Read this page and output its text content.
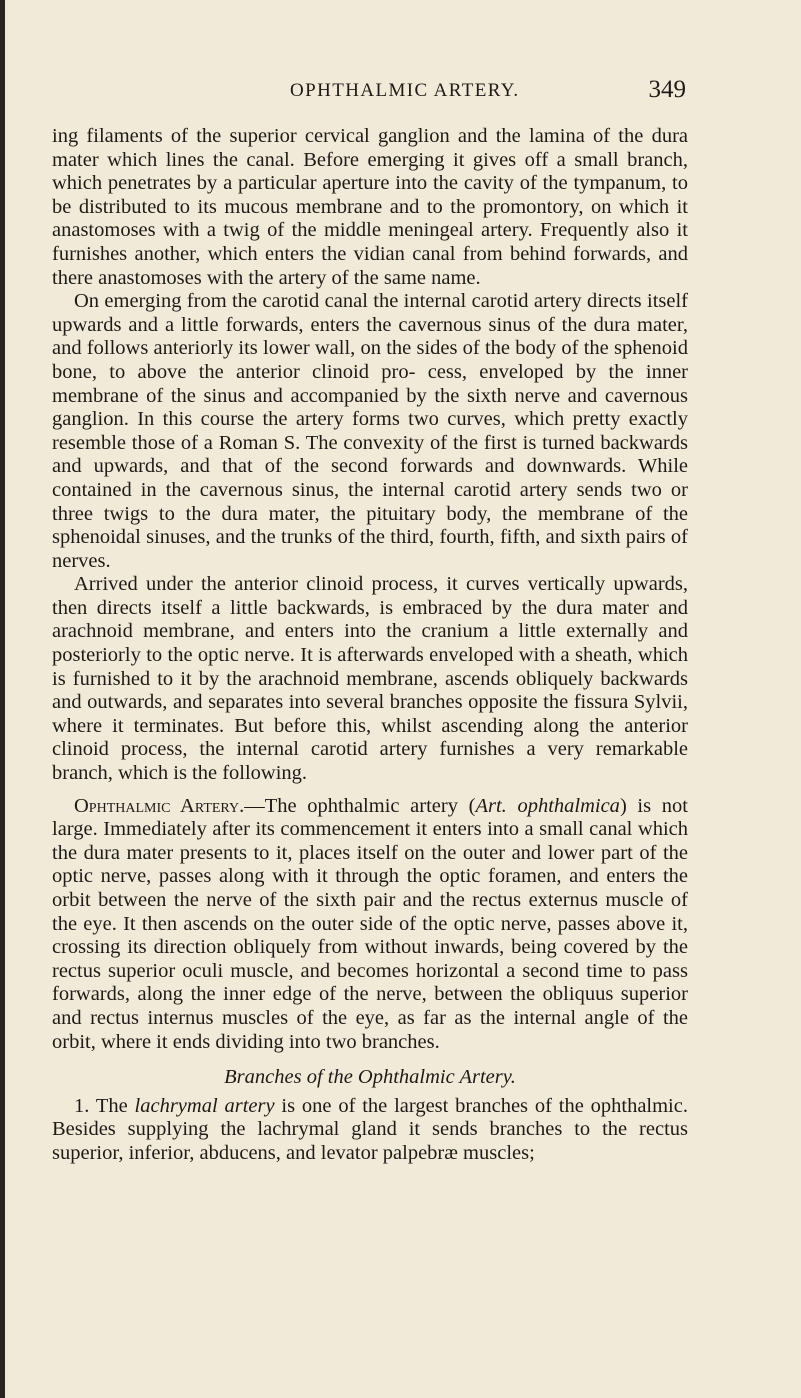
OPHTHALMIC ARTERY.	349

ing filaments of the superior cervical ganglion and the lamina of the dura mater which lines the canal. Before emerging it gives off a small branch, which penetrates by a particular aperture into the cavity of the tympanum, to be distributed to its mucous membrane and to the promontory, on which it anastomoses with a twig of the middle meningeal artery. Frequently also it furnishes another, which enters the vidian canal from behind forwards, and there anastomoses with the artery of the same name.

On emerging from the carotid canal the internal carotid artery directs itself upwards and a little forwards, enters the cavernous sinus of the dura mater, and follows anteriorly its lower wall, on the sides of the body of the sphenoid bone, to above the anterior clinoid pro- cess, enveloped by the inner membrane of the sinus and accompanied by the sixth nerve and cavernous ganglion. In this course the artery forms two curves, which pretty exactly resemble those of a Roman S. The convexity of the first is turned backwards and upwards, and that of the second forwards and downwards. While contained in the cavernous sinus, the internal carotid artery sends two or three twigs to the dura mater, the pituitary body, the membrane of the sphenoidal sinuses, and the trunks of the third, fourth, fifth, and sixth pairs of nerves.

Arrived under the anterior clinoid process, it curves vertically upwards, then directs itself a little backwards, is embraced by the dura mater and arachnoid membrane, and enters into the cranium a little externally and posteriorly to the optic nerve. It is afterwards enveloped with a sheath, which is furnished to it by the arachnoid membrane, ascends obliquely backwards and outwards, and separates into several branches opposite the fissura Sylvii, where it terminates. But before this, whilst ascending along the anterior clinoid process, the internal carotid artery furnishes a very remarkable branch, which is the following.

Ophthalmic Artery.—The ophthalmic artery (Art. ophthalmica) is not large. Immediately after its commencement it enters into a small canal which the dura mater presents to it, places itself on the outer and lower part of the optic nerve, passes along with it through the optic foramen, and enters the orbit between the nerve of the sixth pair and the rectus externus muscle of the eye. It then ascends on the outer side of the optic nerve, passes above it, crossing its direction obliquely from without inwards, being covered by the rectus superior oculi muscle, and becomes horizontal a second time to pass forwards, along the inner edge of the nerve, between the obliquus superior and rectus internus muscles of the eye, as far as the internal angle of the orbit, where it ends dividing into two branches.

Branches of the Ophthalmic Artery.

1. The lachrymal artery is one of the largest branches of the ophthalmic. Besides supplying the lachrymal gland it sends branches to the rectus superior, inferior, abducens, and levator palpebræ muscles;
